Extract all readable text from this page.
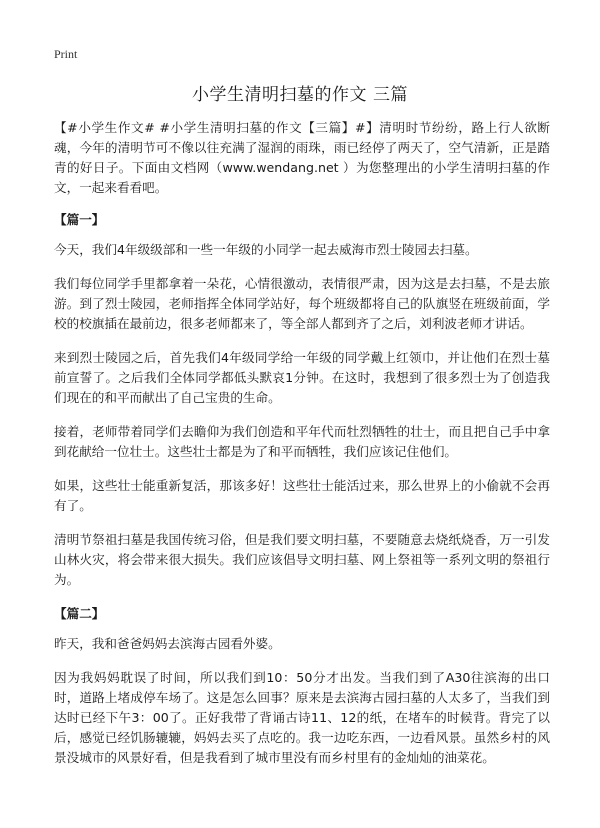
Print
小学生清明扫墓的作文 三篇

【#小学生作文# #小学生清明扫墓的作文【三篇】#】清明时节纷纷，路上行人欲断魂，今年的清明节可不像以往充满了湿润的雨珠，雨已经停了两天了，空气清新，正是踏青的好日子。下面由文档网（www.wendang.net ）为您整理出的小学生清明扫墓的作文，一起来看看吧。

【篇一】

今天，我们4年级级部和一些一年级的小同学一起去威海市烈士陵园去扫墓。

我们每位同学手里都拿着一朵花，心情很激动，表情很严肃，因为这是去扫墓，不是去旅游。到了烈士陵园，老师指挥全体同学站好，每个班级都将自己的队旗竖在班级前面，学校的校旗插在最前边，很多老师都来了，等全部人都到齐了之后，刘利波老师才讲话。

来到烈士陵园之后，首先我们4年级同学给一年级的同学戴上红领巾，并让他们在烈士墓前宣誓了。之后我们全体同学都低头默哀1分钟。在这时，我想到了很多烈士为了创造我们现在的和平而献出了自己宝贵的生命。

接着，老师带着同学们去瞻仰为我们创造和平年代而牡烈牺牲的壮士，而且把自己手中拿到花献给一位壮士。这些壮士都是为了和平而牺牲，我们应该记住他们。

如果，这些壮士能重新复活，那该多好！这些壮士能活过来，那么世界上的小偷就不会再有了。

清明节祭祖扫墓是我国传统习俗，但是我们要文明扫墓，不要随意去烧纸烧香，万一引发山林火灾，将会带来很大损失。我们应该倡导文明扫墓、网上祭祖等一系列文明的祭祖行为。

【篇二】

昨天，我和爸爸妈妈去滨海古园看外婆。

因为我妈妈耽误了时间，所以我们到10：50分才出发。当我们到了A30往滨海的出口时，道路上堵成停车场了。这是怎么回事？原来是去滨海古园扫墓的人太多了，当我们到达时已经下午3：00了。正好我带了背诵古诗11、12的纸，在堵车的时候背。背完了以后，感觉已经饥肠辘辘，妈妈去买了点吃的。我一边吃东西，一边看风景。虽然乡村的风景没城市的风景好看，但是我看到了城市里没有而乡村里有的金灿灿的油菜花。
